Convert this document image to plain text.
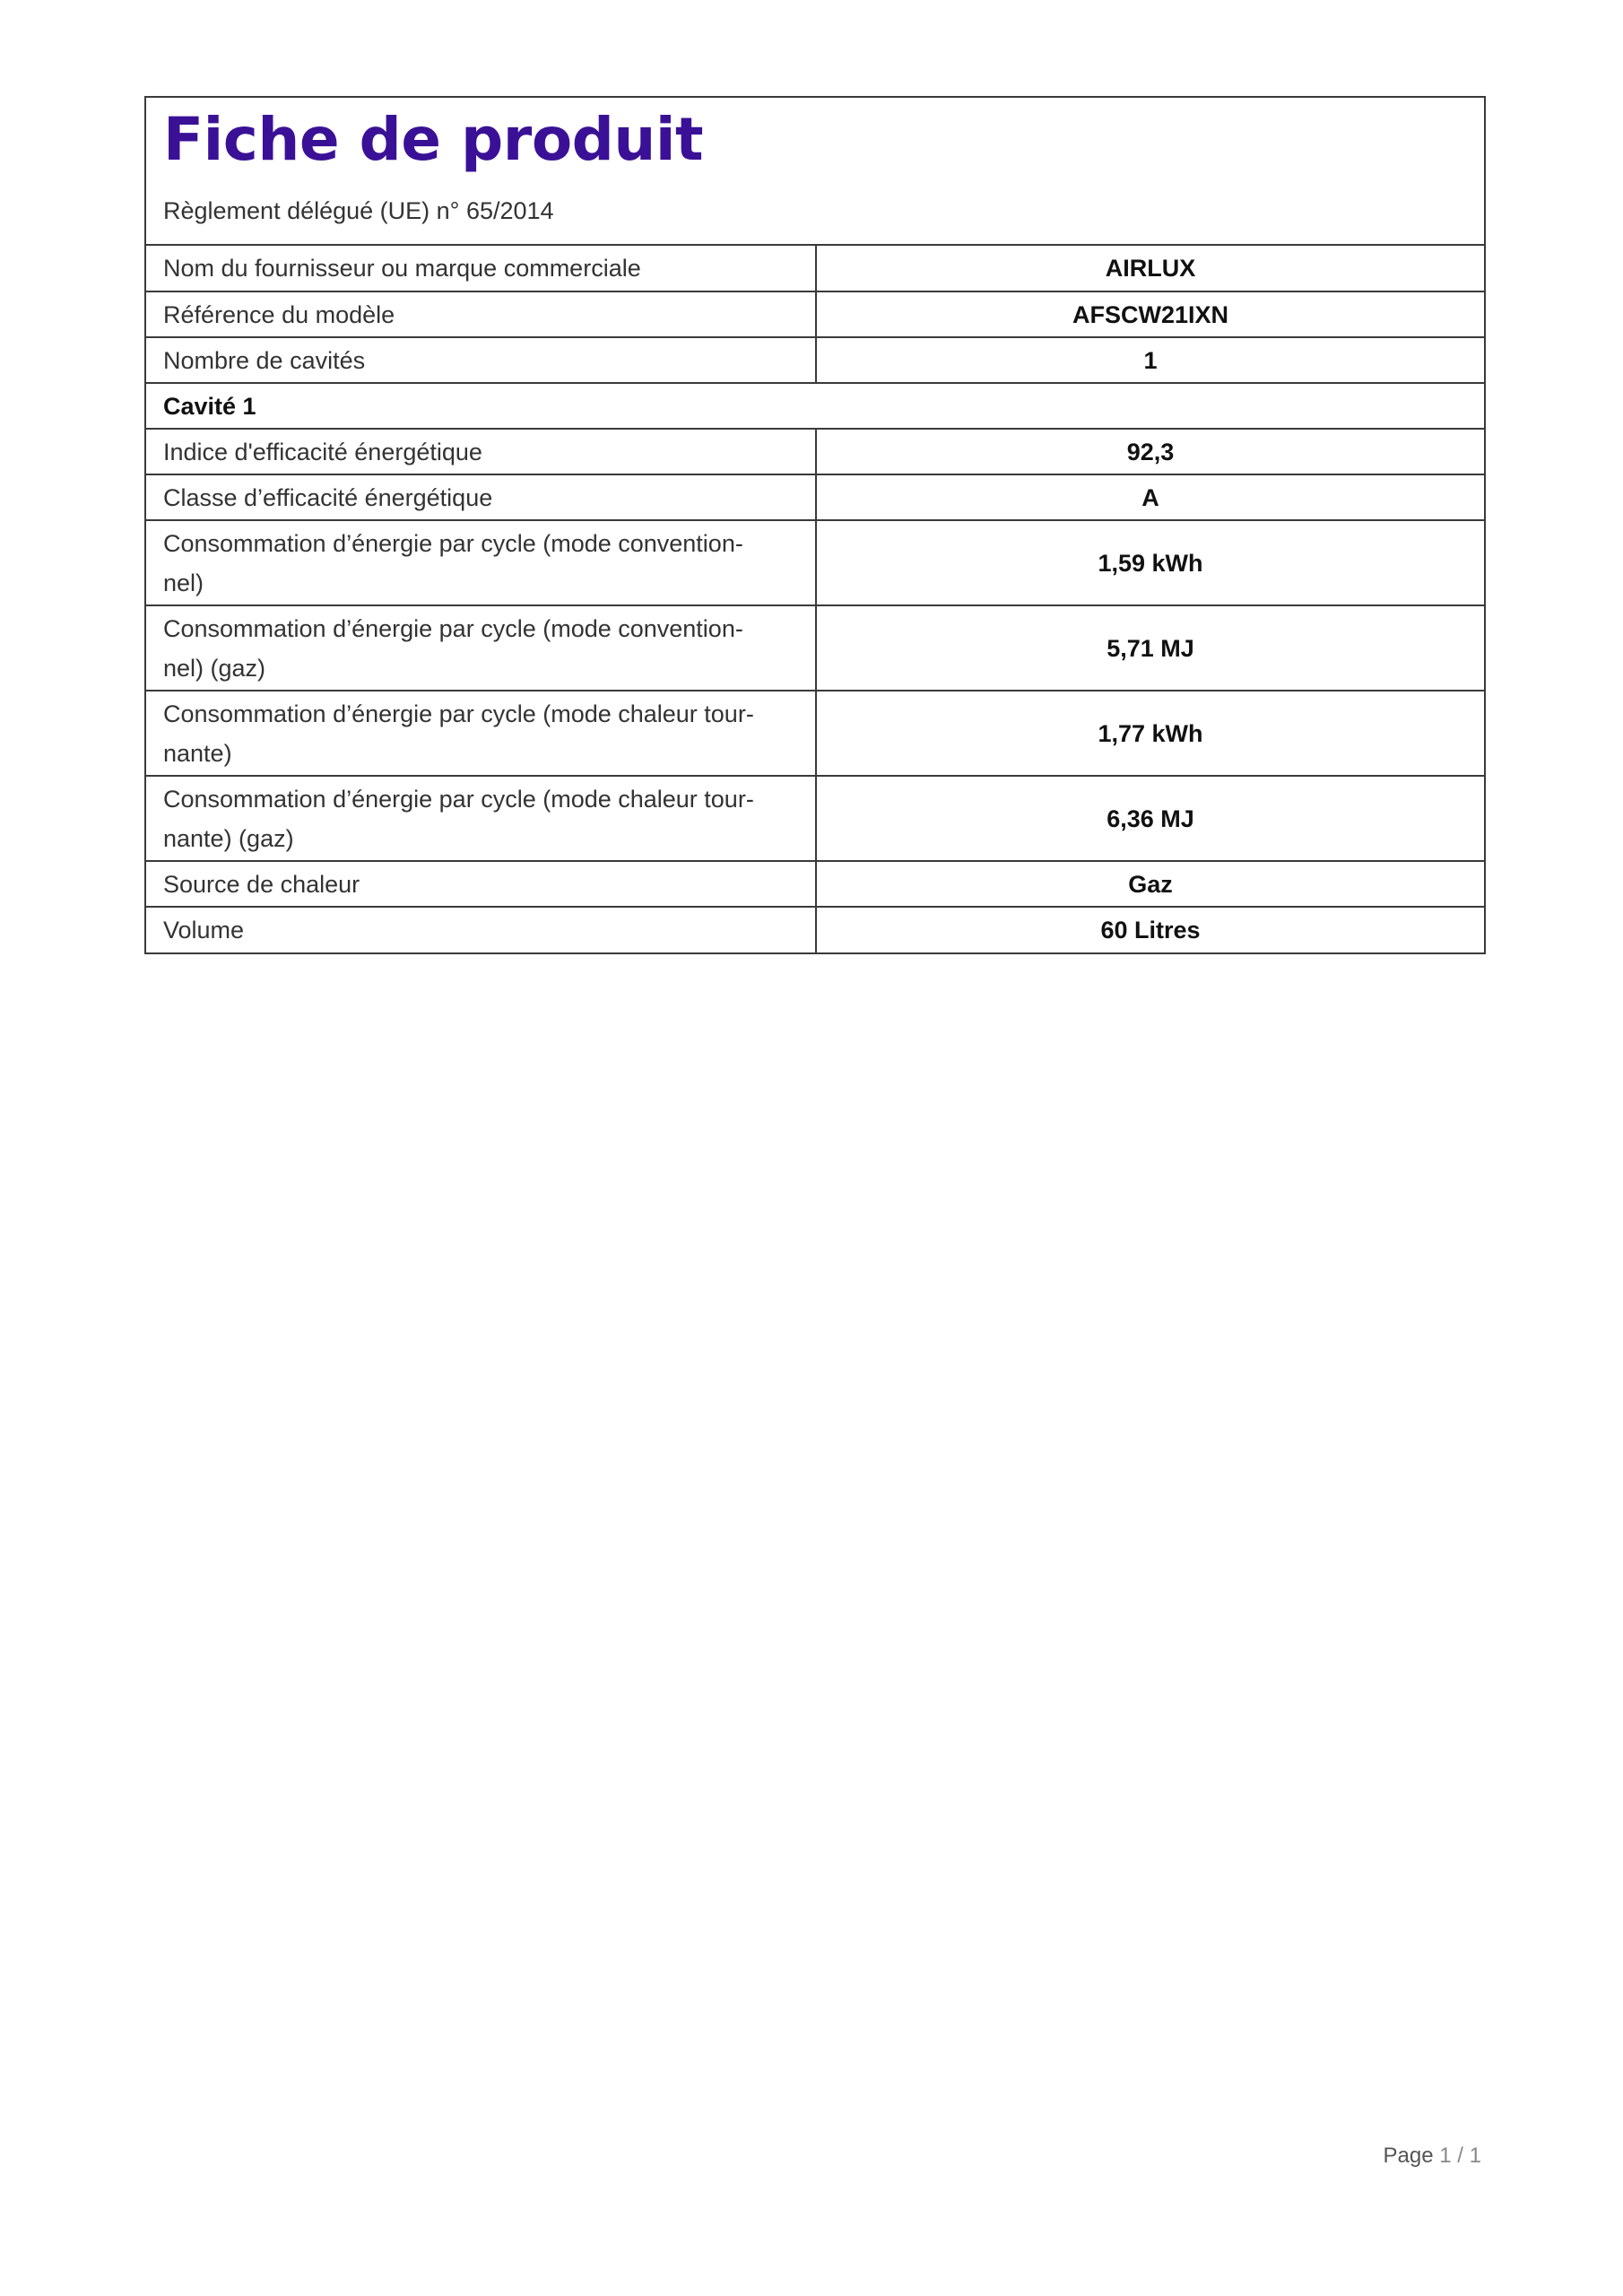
Fiche de produit
Règlement délégué (UE) n° 65/2014
Nom du fournisseur ou marque commerciale	AIRLUX
Référence du modèle	AFSCW21IXN
Nombre de cavités	1
Cavité 1	
Indice d'efficacité énergétique	92,3
Classe d’efficacité énergétique	A
Consommation d’énergie par cycle (mode convention-
nel)	1,59 kWh
Consommation d’énergie par cycle (mode convention-
nel) (gaz)	5,71 MJ
Consommation d’énergie par cycle (mode chaleur tour-
nante)	1,77 kWh
Consommation d’énergie par cycle (mode chaleur tour-
nante) (gaz)	6,36 MJ
Source de chaleur	Gaz
Volume	60 Litres
Page 1 / 1
